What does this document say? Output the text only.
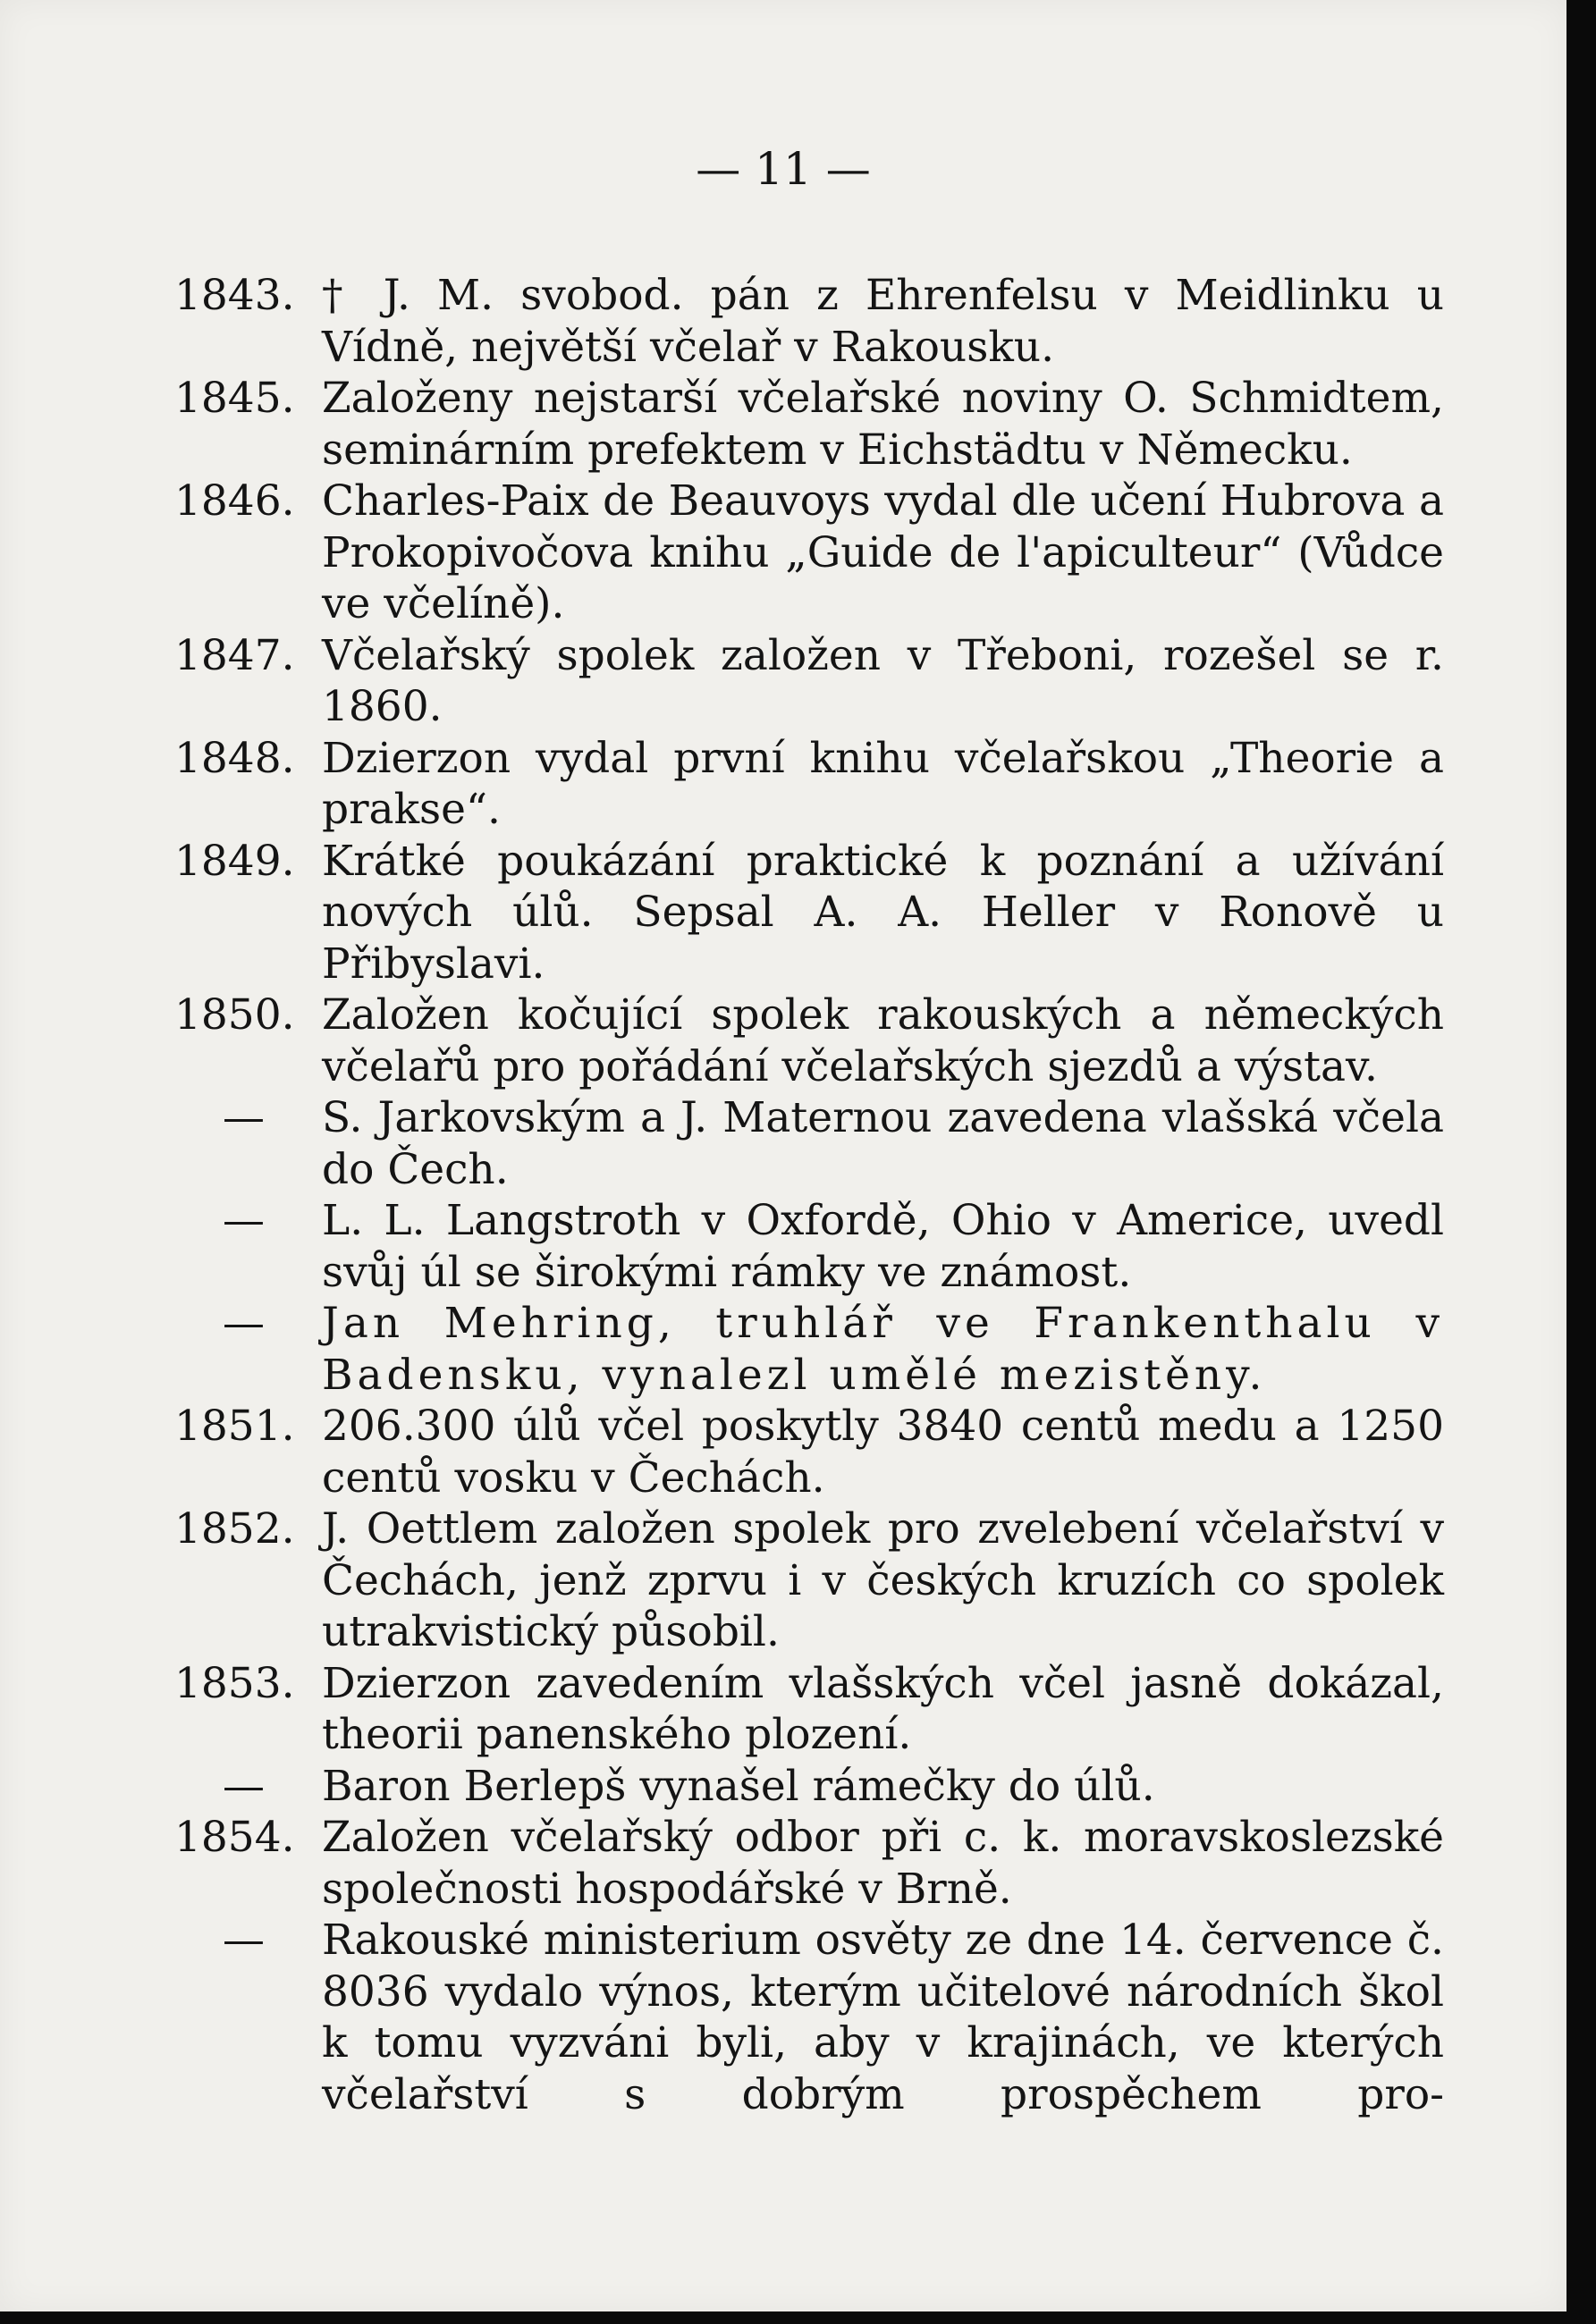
— 11 —
1843. † J. M. svobod. pán z Ehrenfelsu v Meidlinku u Vídně, největší včelař v Rakousku.
1845. Založeny nejstarší včelařské noviny O. Schmidtem, seminárním prefektem v Eichstädtu v Německu.
1846. Charles-Paix de Beauvoys vydal dle učení Hubrova a Prokopivočova knihu „Guide de l'apiculteur“ (Vůdce ve včelíně).
1847. Včelařský spolek založen v Třeboni, rozešel se r. 1860.
1848. Dzierzon vydal první knihu včelařskou „Theorie a prakse“.
1849. Krátké poukázání praktické k poznání a užívání nových úlů. Sepsal A. A. Heller v Ronově u Přibyslavi.
1850. Založen kočující spolek rakouských a německých včelařů pro pořádání včelařských sjezdů a výstav.
—	S. Jarkovským a J. Maternou zavedena vlašská včela do Čech.
—	L. L. Langstroth v Oxfordě, Ohio v Americe, uvedl svůj úl se širokými rámky ve známost.
—	Jan Mehring, truhlář ve Frankenthalu v Badensku, vynalezl umělé mezistěny.
1851. 206.300 úlů včel poskytly 3840 centů medu a 1250 centů vosku v Čechách.
1852. J. Oettlem založen spolek pro zvelebení včelařství v Čechách, jenž zprvu i v českých kruzích co spolek utrakvistický působil.
1853. Dzierzon zavedením vlašských včel jasně dokázal, theorii panenského plození.
—	Baron Berlepš vynašel rámečky do úlů.
1854. Založen včelařský odbor při c. k. moravskoslezské společnosti hospodářské v Brně.
—	Rakouské ministerium osvěty ze dne 14. července č. 8036 vydalo výnos, kterým učitelové národních škol k tomu vyzváni byli, aby v krajinách, ve kterých včelařství s dobrým prospěchem pro-
